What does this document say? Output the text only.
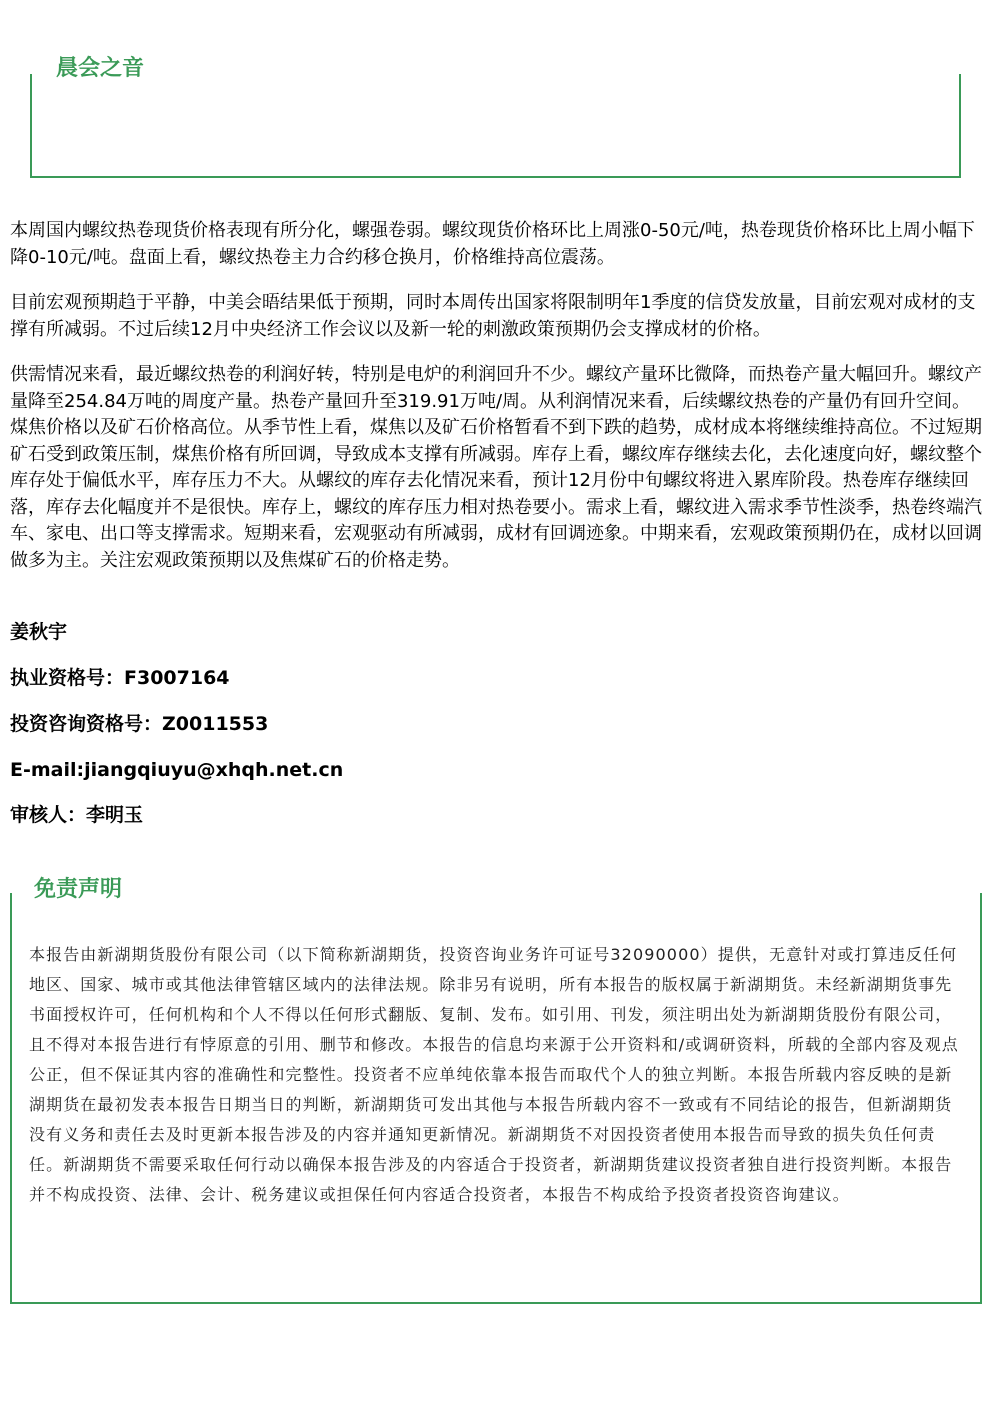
晨会之音

本周国内螺纹热卷现货价格表现有所分化，螺强卷弱。螺纹现货价格环比上周涨0-50元/吨，热卷现货价格环比上周小幅下降0-10元/吨。盘面上看，螺纹热卷主力合约移仓换月，价格维持高位震荡。

目前宏观预期趋于平静，中美会晤结果低于预期，同时本周传出国家将限制明年1季度的信贷发放量，目前宏观对成材的支撑有所减弱。不过后续12月中央经济工作会议以及新一轮的刺激政策预期仍会支撑成材的价格。

供需情况来看，最近螺纹热卷的利润好转，特别是电炉的利润回升不少。螺纹产量环比微降，而热卷产量大幅回升。螺纹产量降至254.84万吨的周度产量。热卷产量回升至319.91万吨/周。从利润情况来看，后续螺纹热卷的产量仍有回升空间。煤焦价格以及矿石价格高位。从季节性上看，煤焦以及矿石价格暂看不到下跌的趋势，成材成本将继续维持高位。不过短期矿石受到政策压制，煤焦价格有所回调，导致成本支撑有所减弱。库存上看，螺纹库存继续去化，去化速度向好，螺纹整个库存处于偏低水平，库存压力不大。从螺纹的库存去化情况来看，预计12月份中旬螺纹将进入累库阶段。热卷库存继续回落，库存去化幅度并不是很快。库存上，螺纹的库存压力相对热卷要小。需求上看，螺纹进入需求季节性淡季，热卷终端汽车、家电、出口等支撑需求。短期来看，宏观驱动有所减弱，成材有回调迹象。中期来看，宏观政策预期仍在，成材以回调做多为主。关注宏观政策预期以及焦煤矿石的价格走势。

姜秋宇

执业资格号：F3007164

投资咨询资格号：Z0011553

E-mail:jiangqiuyu@xhqh.net.cn

审核人：李明玉

免责声明

本报告由新湖期货股份有限公司（以下简称新湖期货，投资咨询业务许可证号32090000）提供，无意针对或打算违反任何地区、国家、城市或其他法律管辖区域内的法律法规。除非另有说明，所有本报告的版权属于新湖期货。未经新湖期货事先书面授权许可，任何机构和个人不得以任何形式翻版、复制、发布。如引用、刊发，须注明出处为新湖期货股份有限公司，且不得对本报告进行有悖原意的引用、删节和修改。本报告的信息均来源于公开资料和/或调研资料，所载的全部内容及观点公正，但不保证其内容的准确性和完整性。投资者不应单纯依靠本报告而取代个人的独立判断。本报告所载内容反映的是新湖期货在最初发表本报告日期当日的判断，新湖期货可发出其他与本报告所载内容不一致或有不同结论的报告，但新湖期货没有义务和责任去及时更新本报告涉及的内容并通知更新情况。新湖期货不对因投资者使用本报告而导致的损失负任何责任。新湖期货不需要采取任何行动以确保本报告涉及的内容适合于投资者，新湖期货建议投资者独自进行投资判断。本报告并不构成投资、法律、会计、税务建议或担保任何内容适合投资者，本报告不构成给予投资者投资咨询建议。
